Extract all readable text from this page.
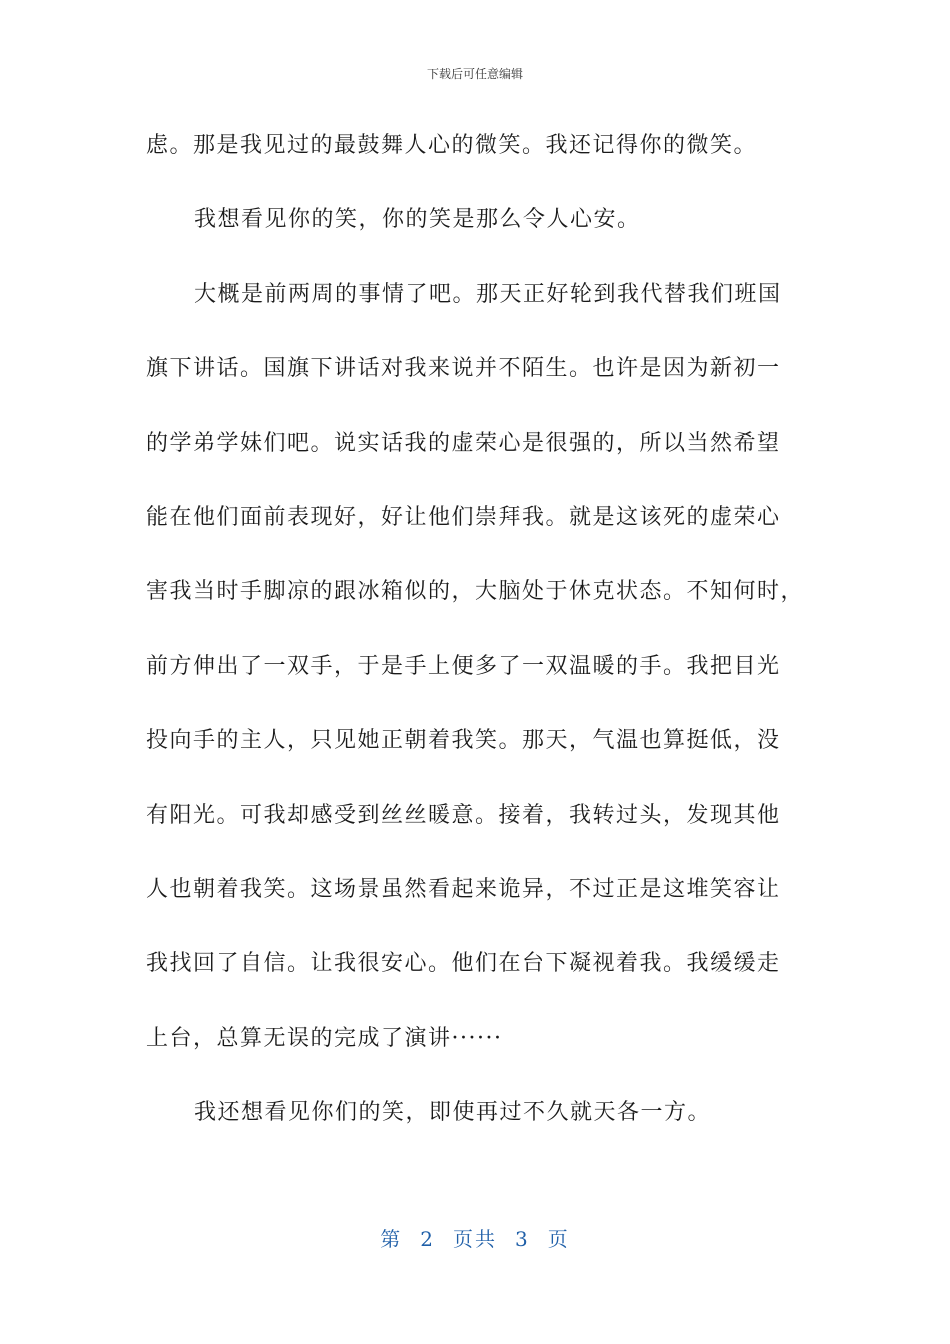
下载后可任意编辑
虑。那是我见过的最鼓舞人心的微笑。我还记得你的微笑。
我想看见你的笑，你的笑是那么令人心安。
大概是前两周的事情了吧。那天正好轮到我代替我们班国
旗下讲话。国旗下讲话对我来说并不陌生。也许是因为新初一
的学弟学妹们吧。说实话我的虚荣心是很强的，所以当然希望
能在他们面前表现好，好让他们崇拜我。就是这该死的虚荣心
害我当时手脚凉的跟冰箱似的，大脑处于休克状态。不知何时，
前方伸出了一双手，于是手上便多了一双温暖的手。我把目光
投向手的主人，只见她正朝着我笑。那天，气温也算挺低，没
有阳光。可我却感受到丝丝暖意。接着，我转过头，发现其他
人也朝着我笑。这场景虽然看起来诡异，不过正是这堆笑容让
我找回了自信。让我很安心。他们在台下凝视着我。我缓缓走
上台，总算无误的完成了演讲······
我还想看见你们的笑，即使再过不久就天各一方。
第 2 页共 3 页
